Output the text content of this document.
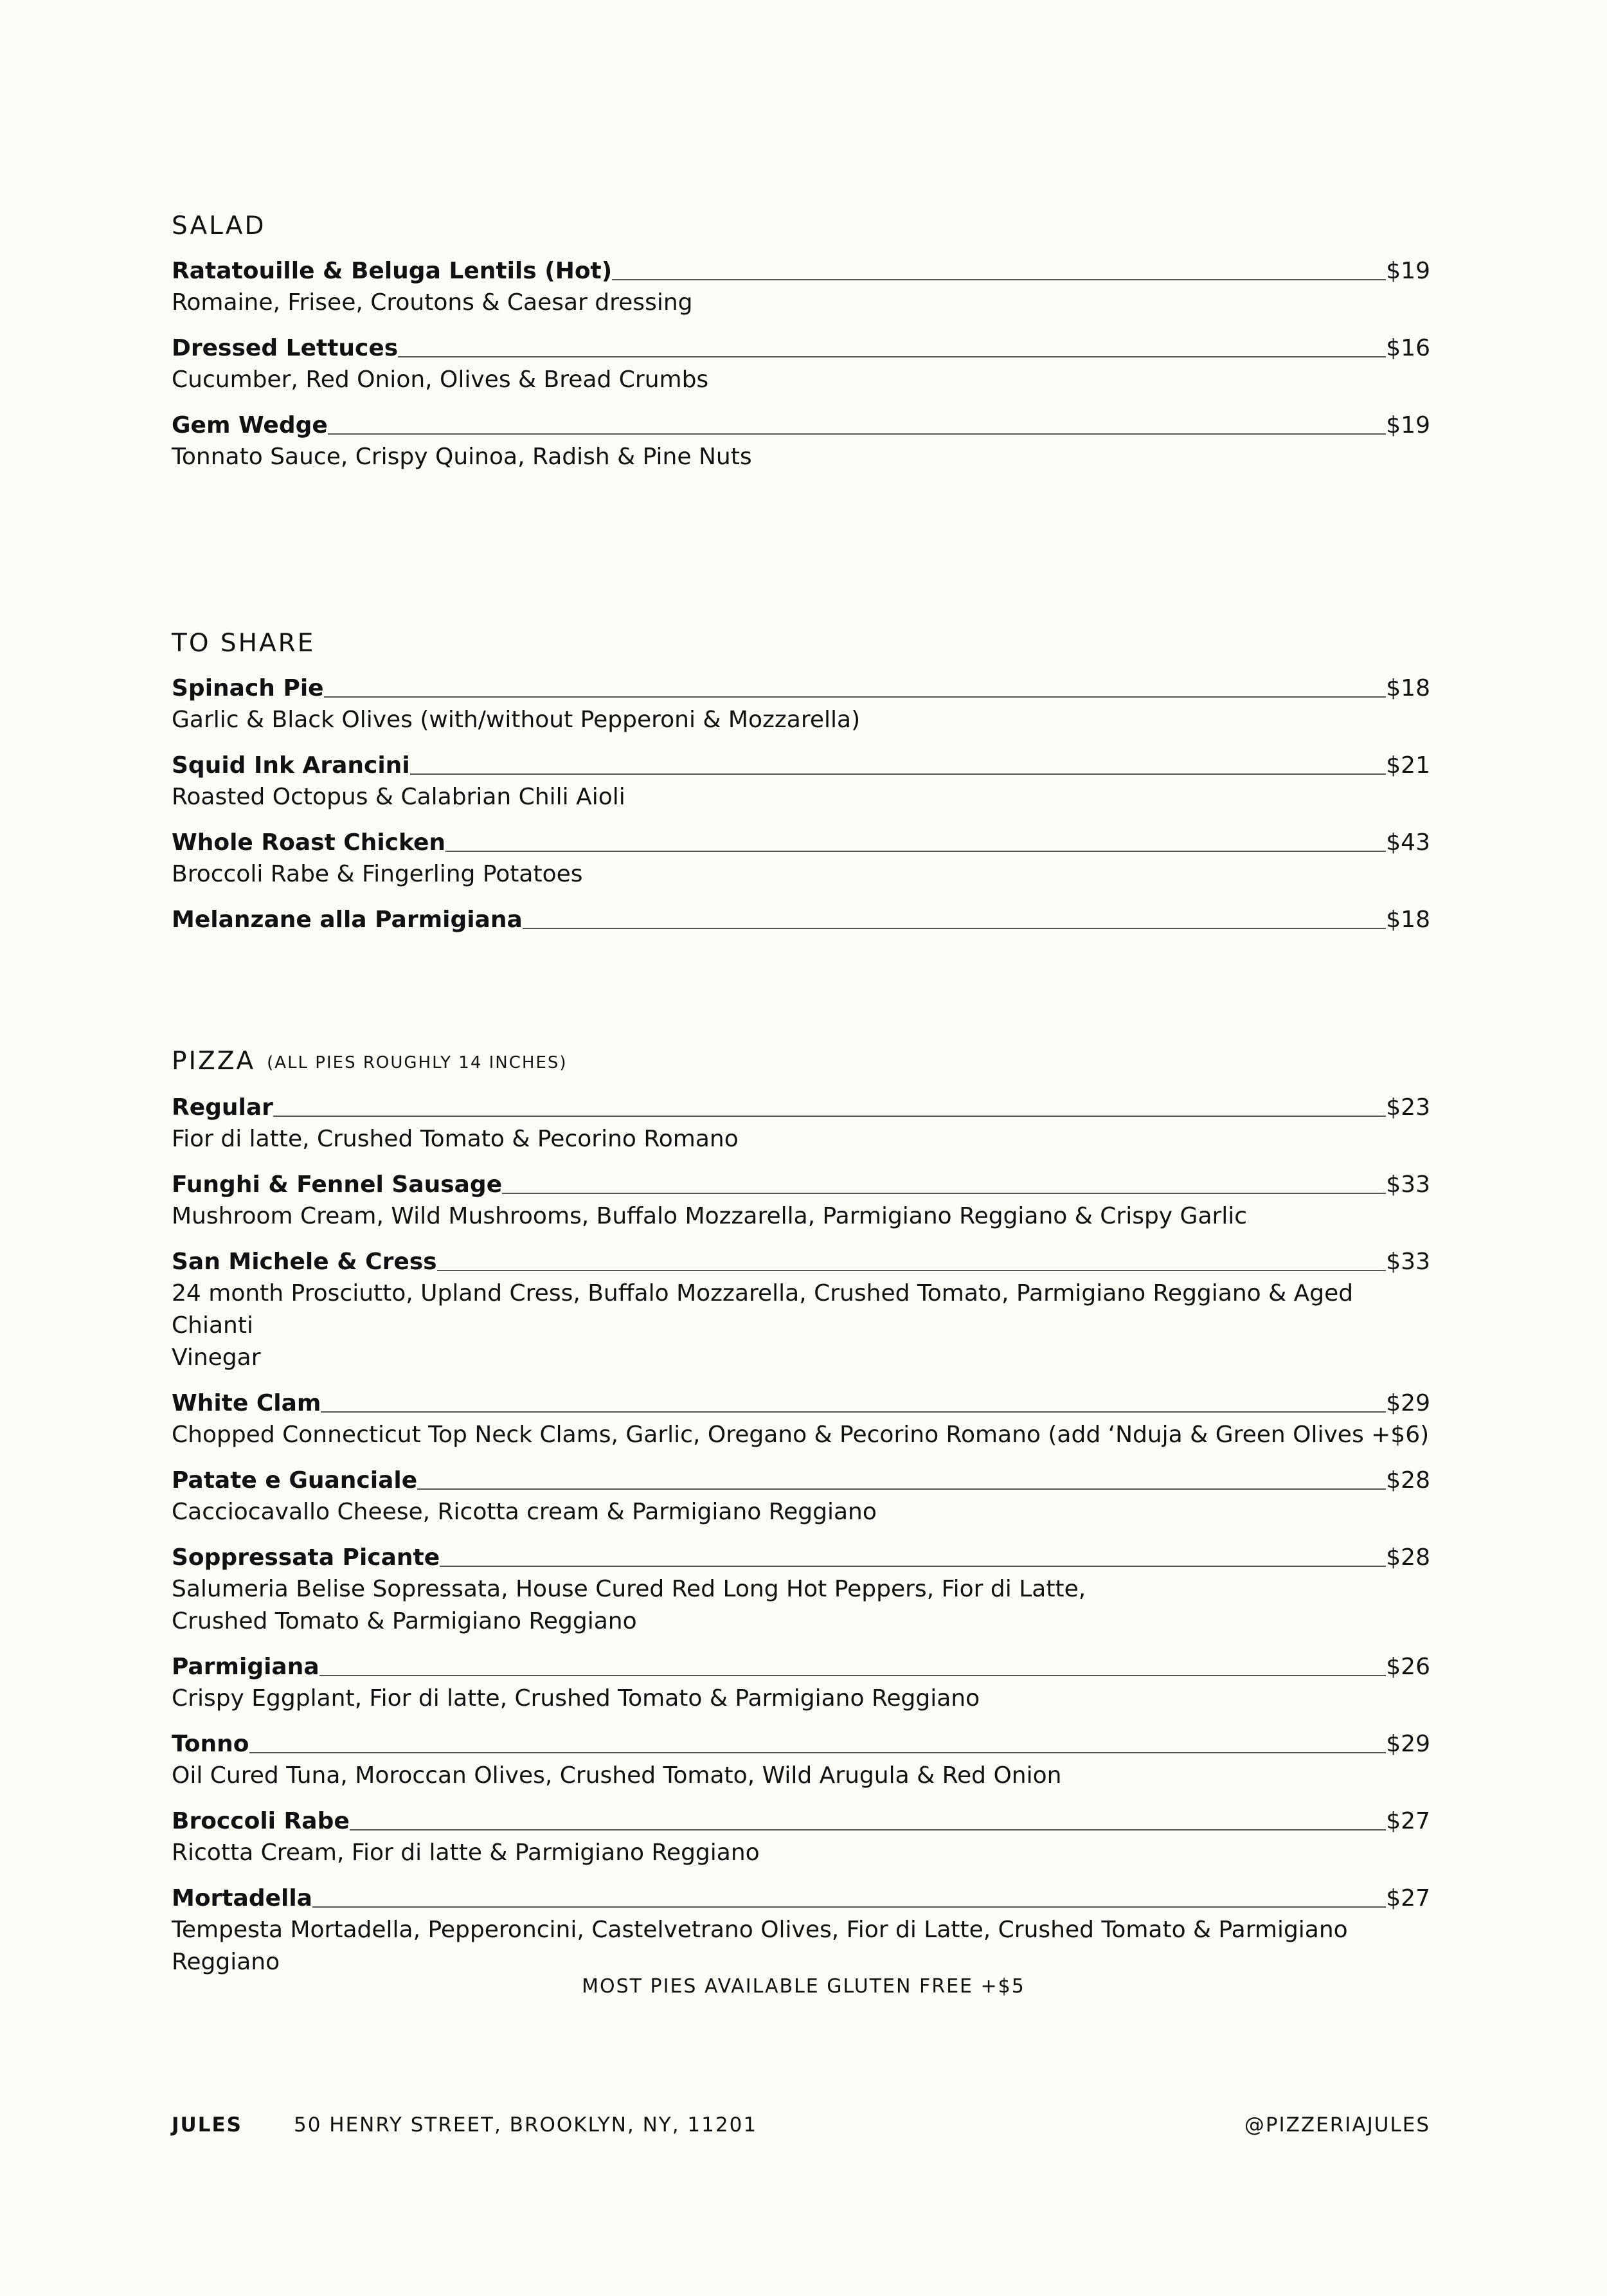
SALAD
Ratatouille & Beluga Lentils (Hot)	$19
Romaine, Frisee, Croutons & Caesar dressing
Dressed Lettuces	$16
Cucumber, Red Onion, Olives & Bread Crumbs
Gem Wedge	$19
Tonnato Sauce, Crispy Quinoa, Radish & Pine Nuts
TO SHARE
Spinach Pie	$18
Garlic & Black Olives (with/without Pepperoni & Mozzarella)
Squid Ink Arancini	$21
Roasted Octopus & Calabrian Chili Aioli
Whole Roast Chicken	$43
Broccoli Rabe & Fingerling Potatoes
Melanzane alla Parmigiana	$18
PIZZA (ALL PIES ROUGHLY 14 INCHES)
Regular	$23
Fior di latte, Crushed Tomato & Pecorino Romano
Funghi & Fennel Sausage	$33
Mushroom Cream, Wild Mushrooms, Buffalo Mozzarella, Parmigiano Reggiano & Crispy Garlic
San Michele & Cress	$33
24 month Prosciutto, Upland Cress, Buffalo Mozzarella, Crushed Tomato, Parmigiano Reggiano & Aged Chianti
Vinegar
White Clam	$29
Chopped Connecticut Top Neck Clams, Garlic, Oregano & Pecorino Romano (add ‘Nduja & Green Olives +$6)
Patate e Guanciale	$28
Cacciocavallo Cheese, Ricotta cream & Parmigiano Reggiano
Soppressata Picante	$28
Salumeria Belise Sopressata, House Cured Red Long Hot Peppers, Fior di Latte,
Crushed Tomato & Parmigiano Reggiano
Parmigiana	$26
Crispy Eggplant, Fior di latte, Crushed Tomato & Parmigiano Reggiano
Tonno	$29
Oil Cured Tuna, Moroccan Olives, Crushed Tomato, Wild Arugula & Red Onion
Broccoli Rabe	$27
Ricotta Cream, Fior di latte & Parmigiano Reggiano
Mortadella	$27
Tempesta Mortadella, Pepperoncini, Castelvetrano Olives, Fior di Latte, Crushed Tomato & Parmigiano Reggiano
MOST PIES AVAILABLE GLUTEN FREE +$5
JULES	50 HENRY STREET, BROOKLYN, NY, 11201	@PIZZERIAJULES
